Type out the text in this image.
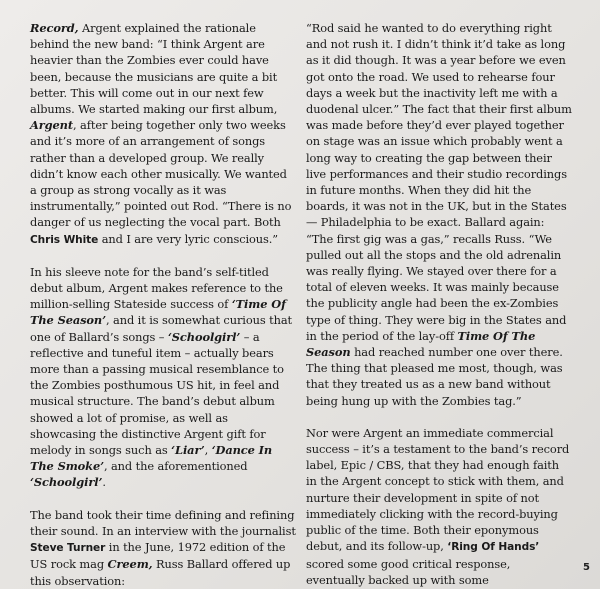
Record, Argent explained the rationale behind the new band: “I think Argent are heavier than the Zombies ever could have been, because the musicians are quite a bit better. This will come out in our next few albums. We started making our first album, Argent, after being together only two weeks and it’s more of an arrangement of songs rather than a developed group. We really didn’t know each other musically. We wanted a group as strong vocally as it was instrumentally,” pointed out Rod. “There is no danger of us neglecting the vocal part. Both Chris White and I are very lyric conscious.”

In his sleeve note for the band’s self-titled debut album, Argent makes reference to the million-selling Stateside success of ‘Time Of The Season’, and it is somewhat curious that one of Ballard’s songs – ‘Schoolgirl’ – a reflective and tuneful item – actually bears more than a passing musical resemblance to the Zombies posthumous US hit, in feel and musical structure. The band’s debut album showed a lot of promise, as well as showcasing the distinctive Argent gift for melody in songs such as ‘Liar’, ‘Dance In The Smoke’, and the aforementioned ‘Schoolgirl’.

The band took their time defining and refining their sound. In an interview with the journalist Steve Turner in the June, 1972 edition of the US rock mag Creem, Russ Ballard offered up this observation:

“Rod said he wanted to do everything right and not rush it. I didn’t think it’d take as long as it did though. It was a year before we even got onto the road. We used to rehearse four days a week but the inactivity left me with a duodenal ulcer.” The fact that their first album was made before they’d ever played together on stage was an issue which probably went a long way to creating the gap between their live performances and their studio recordings in future months. When they did hit the boards, it was not in the UK, but in the States — Philadelphia to be exact. Ballard again: “The first gig was a gas,” recalls Russ. “We pulled out all the stops and the old adrenalin was really flying. We stayed over there for a total of eleven weeks. It was mainly because the publicity angle had been the ex-Zombies type of thing. They were big in the States and in the period of the lay-off Time Of The Season had reached number one over there. The thing that pleased me most, though, was that they treated us as a new band without being hung up with the Zombies tag.”

Nor were Argent an immediate commercial success – it’s a testament to the band’s record label, Epic / CBS, that they had enough faith in the Argent concept to stick with them, and nurture their development in spite of not immediately clicking with the record-buying public of the time. Both their eponymous debut, and its follow-up, ‘Ring Of Hands’ scored some good critical response, eventually backed up with some

5
